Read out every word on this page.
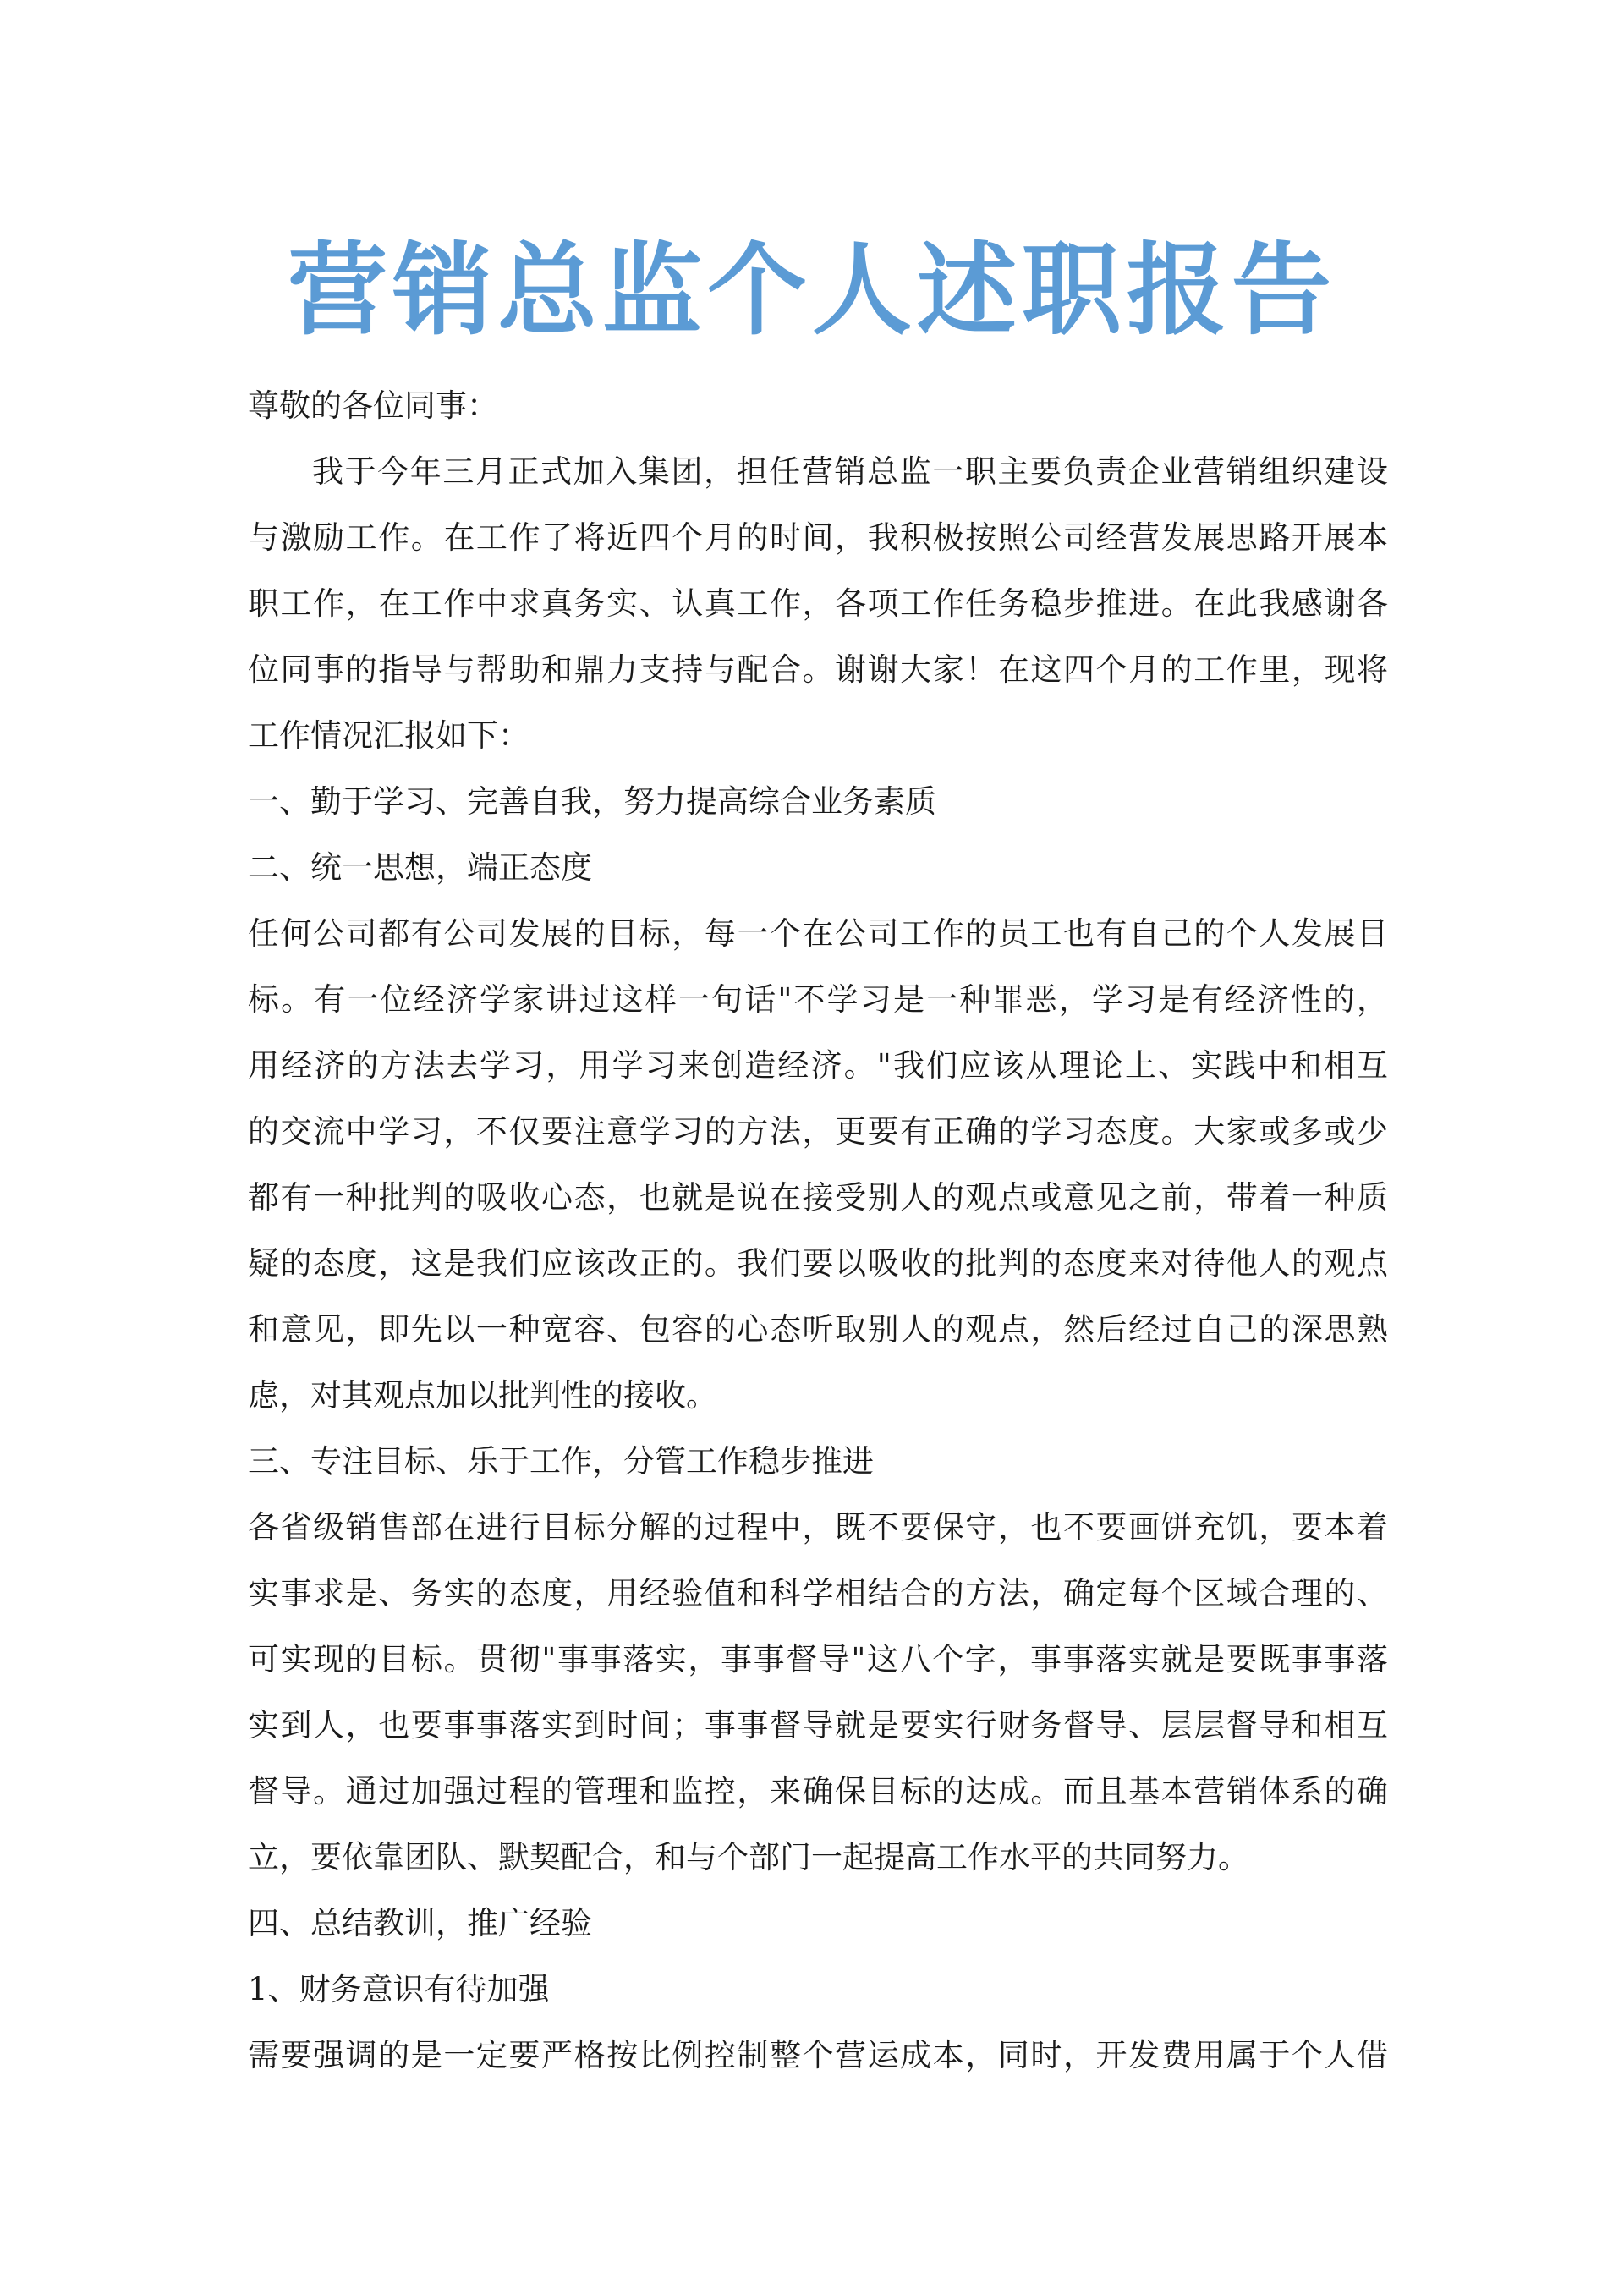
营销总监个人述职报告
尊敬的各位同事：
我于今年三月正式加入集团，担任营销总监一职主要负责企业营销组织建设
与激励工作。在工作了将近四个月的时间，我积极按照公司经营发展思路开展本
职工作，在工作中求真务实、认真工作，各项工作任务稳步推进。在此我感谢各
位同事的指导与帮助和鼎力支持与配合。谢谢大家！在这四个月的工作里，现将
工作情况汇报如下：
一、勤于学习、完善自我，努力提高综合业务素质
二、统一思想，端正态度
任何公司都有公司发展的目标，每一个在公司工作的员工也有自己的个人发展目
标。有一位经济学家讲过这样一句话"不学习是一种罪恶，学习是有经济性的，
用经济的方法去学习，用学习来创造经济。"我们应该从理论上、实践中和相互
的交流中学习，不仅要注意学习的方法，更要有正确的学习态度。大家或多或少
都有一种批判的吸收心态，也就是说在接受别人的观点或意见之前，带着一种质
疑的态度，这是我们应该改正的。我们要以吸收的批判的态度来对待他人的观点
和意见，即先以一种宽容、包容的心态听取别人的观点，然后经过自己的深思熟
虑，对其观点加以批判性的接收。
三、专注目标、乐于工作，分管工作稳步推进
各省级销售部在进行目标分解的过程中，既不要保守，也不要画饼充饥，要本着
实事求是、务实的态度，用经验值和科学相结合的方法，确定每个区域合理的、
可实现的目标。贯彻"事事落实，事事督导"这八个字，事事落实就是要既事事落
实到人，也要事事落实到时间；事事督导就是要实行财务督导、层层督导和相互
督导。通过加强过程的管理和监控，来确保目标的达成。而且基本营销体系的确
立，要依靠团队、默契配合，和与个部门一起提高工作水平的共同努力。
四、总结教训，推广经验
1、财务意识有待加强
需要强调的是一定要严格按比例控制整个营运成本，同时，开发费用属于个人借
